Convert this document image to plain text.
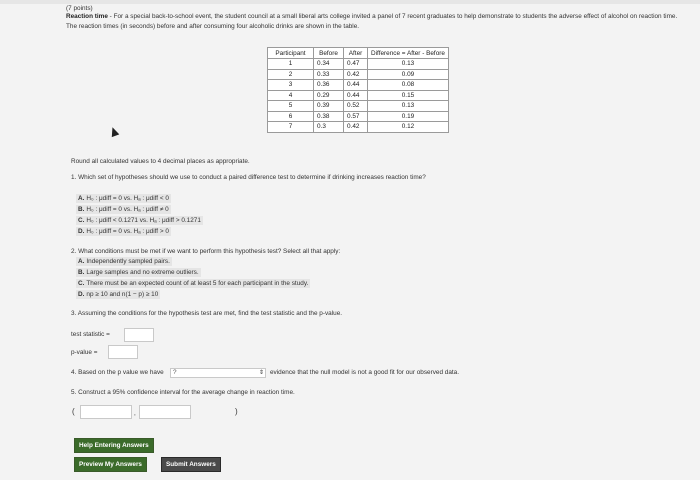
(7 points)
Reaction time - For a special back-to-school event, the student council at a small liberal arts college invited a panel of 7 recent graduates to help demonstrate to students the adverse effect of alcohol on reaction time. The reaction times (in seconds) before and after consuming four alcoholic drinks are shown in the table.
Participant	Before	After	Difference = After - Before
1	0.34	0.47	0.13
2	0.33	0.42	0.09
3	0.36	0.44	0.08
4	0.29	0.44	0.15
5	0.39	0.52	0.13
6	0.38	0.57	0.19
7	0.3	0.42	0.12
Round all calculated values to 4 decimal places as appropriate.
1. Which set of hypotheses should we use to conduct a paired difference test to determine if drinking increases reaction time?
A. H₀ : μdiff = 0 vs. Hₐ : μdiff < 0
B. H₀ : μdiff = 0 vs. Hₐ : μdiff ≠ 0
C. H₀ : μdiff < 0.1271 vs. Hₐ : μdiff > 0.1271
D. H₀ : μdiff = 0 vs. Hₐ : μdiff > 0
2. What conditions must be met if we want to perform this hypothesis test? Select all that apply:
A. Independently sampled pairs.
B. Large samples and no extreme outliers.
C. There must be an expected count of at least 5 for each participant in the study.
D. np ≥ 10 and n(1 − p) ≥ 10
3. Assuming the conditions for the hypothesis test are met, find the test statistic and the p-value.
test statistic =
p-value =
4. Based on the p value we have	?	⇕ evidence that the null model is not a good fit for our observed data.
5. Construct a 95% confidence interval for the average change in reaction time.
(	,	)
Help Entering Answers
Preview My Answers	Submit Answers
